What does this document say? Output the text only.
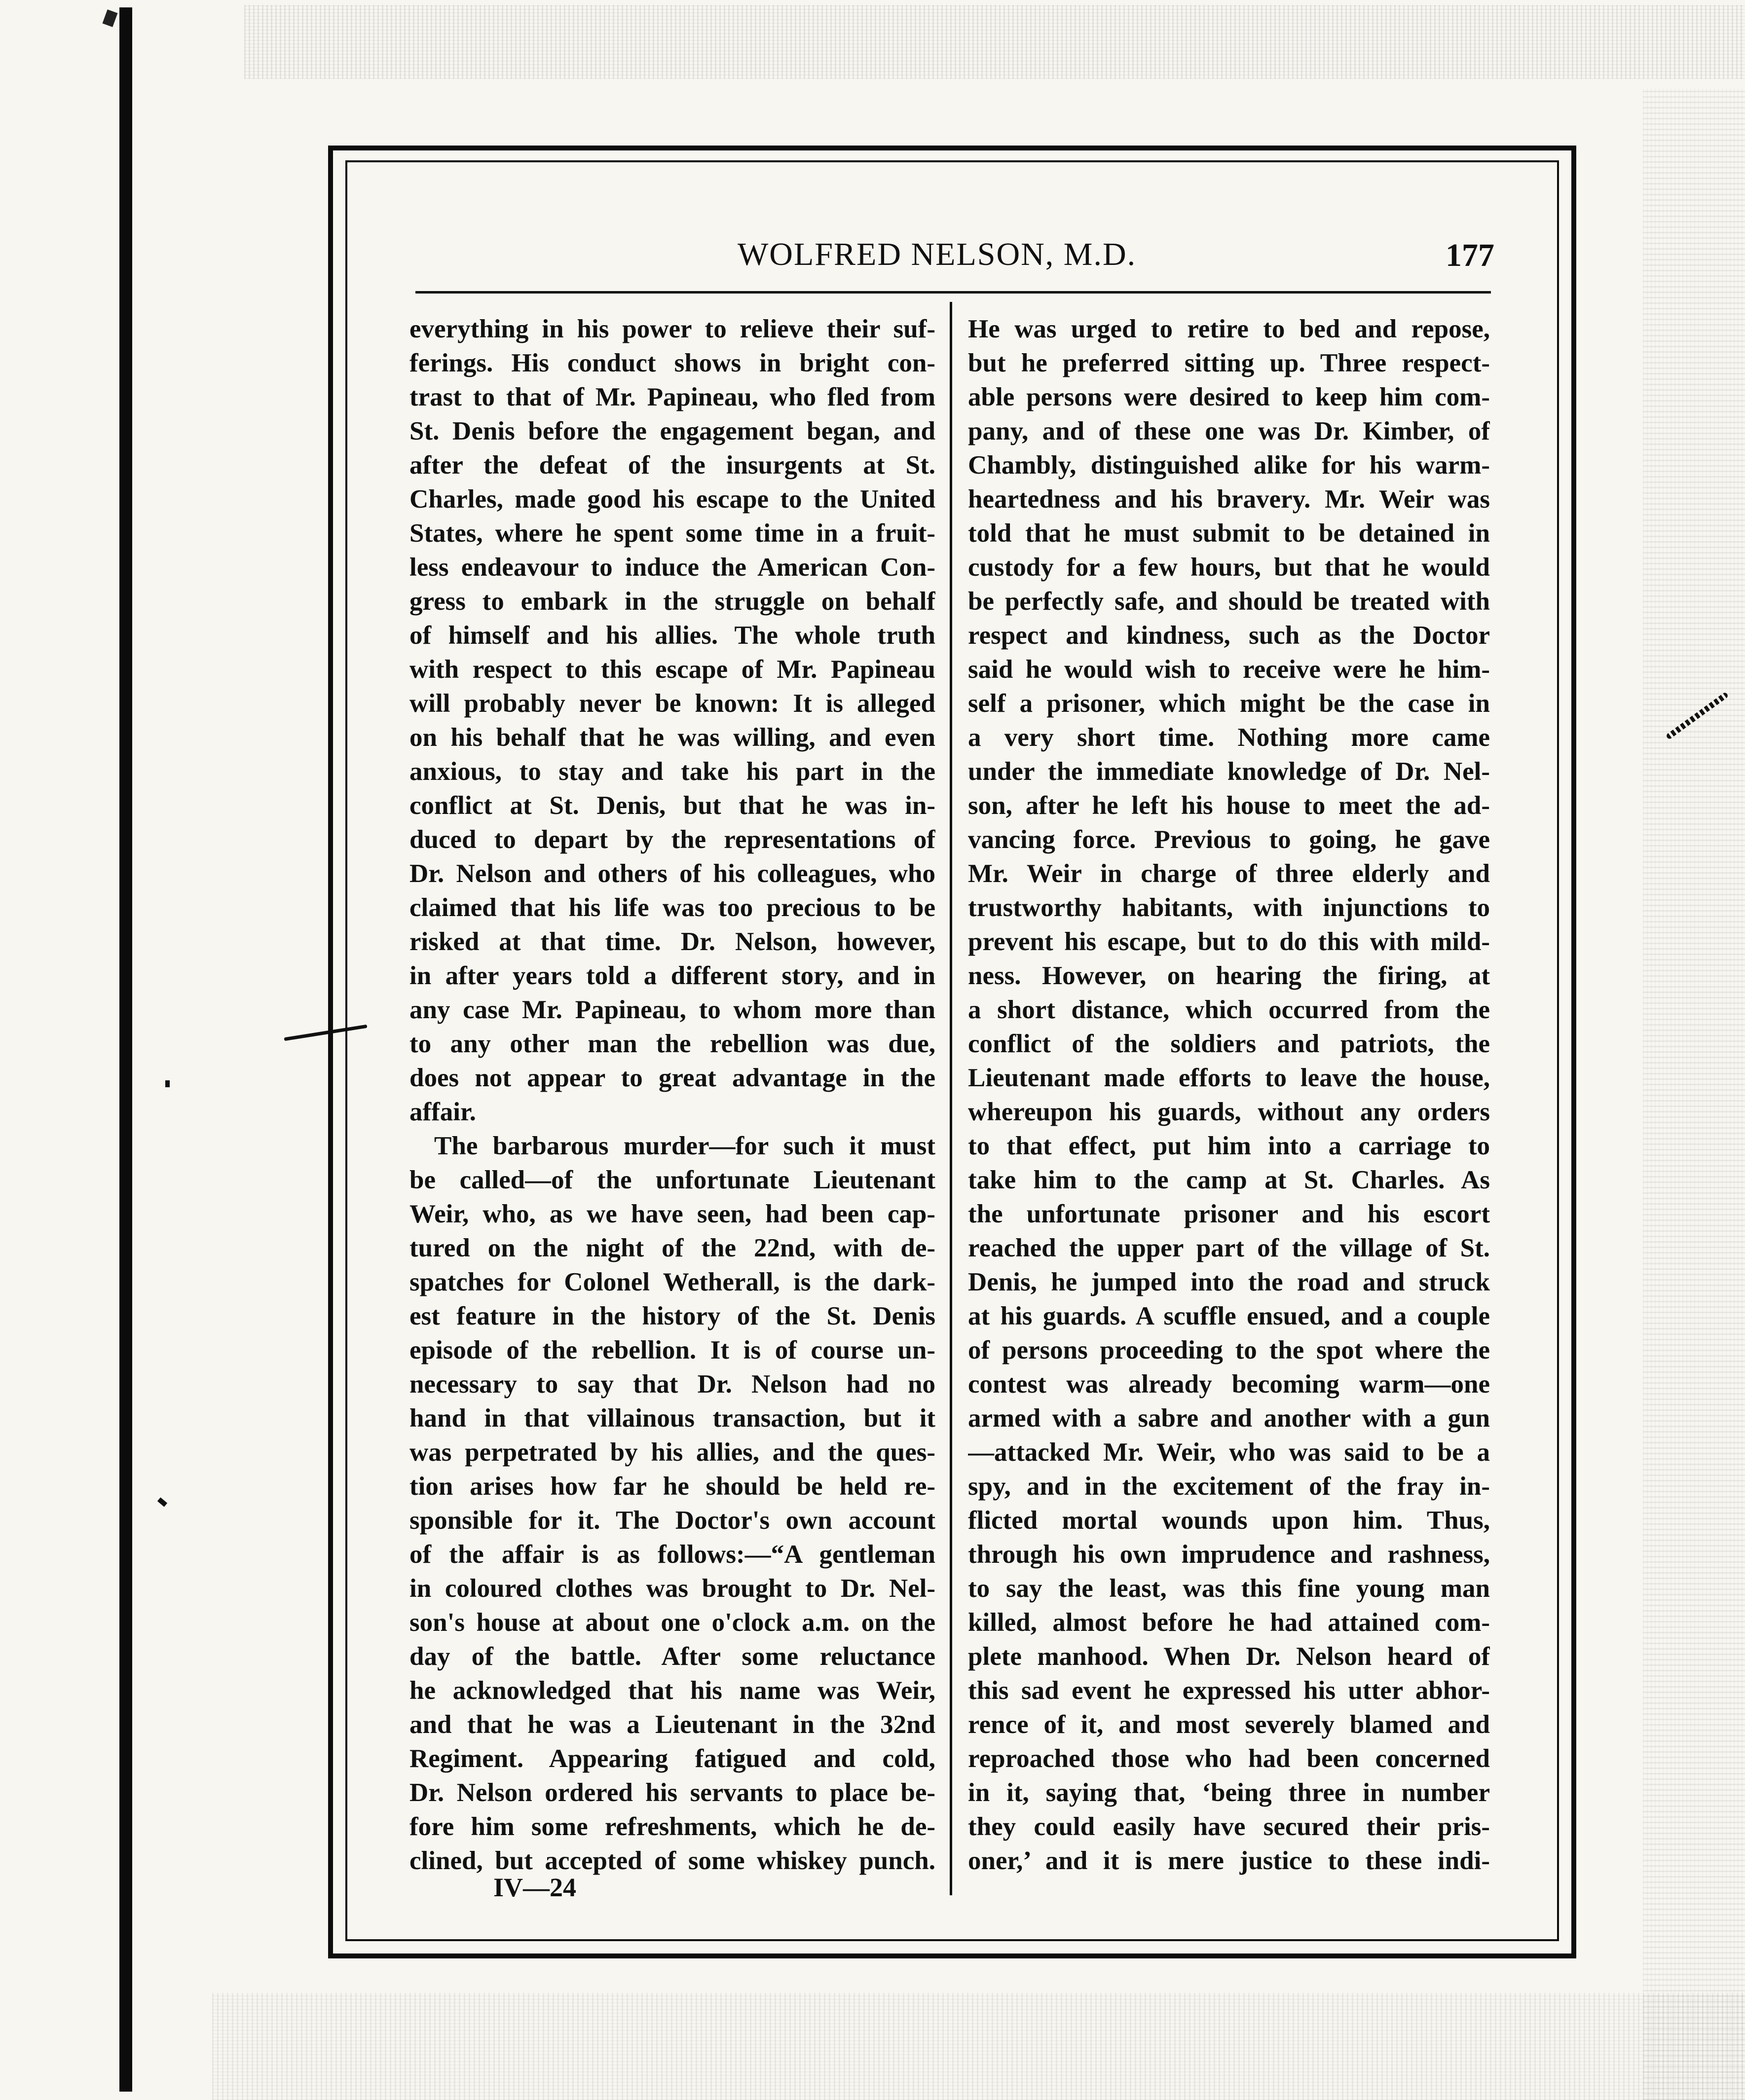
WOLFRED NELSON, M.D.	177
everything in his power to relieve their suf-
ferings. His conduct shows in bright con-
trast to that of Mr. Papineau, who fled from
St. Denis before the engagement began, and
after the defeat of the insurgents at St.
Charles, made good his escape to the United
States, where he spent some time in a fruit-
less endeavour to induce the American Con-
gress to embark in the struggle on behalf
of himself and his allies. The whole truth
with respect to this escape of Mr. Papineau
will probably never be known: It is alleged
on his behalf that he was willing, and even
anxious, to stay and take his part in the
conflict at St. Denis, but that he was in-
duced to depart by the representations of
Dr. Nelson and others of his colleagues, who
claimed that his life was too precious to be
risked at that time. Dr. Nelson, however,
in after years told a different story, and in
any case Mr. Papineau, to whom more than
to any other man the rebellion was due,
does not appear to great advantage in the
affair.
The barbarous murder—for such it must
be called—of the unfortunate Lieutenant
Weir, who, as we have seen, had been cap-
tured on the night of the 22nd, with de-
spatches for Colonel Wetherall, is the dark-
est feature in the history of the St. Denis
episode of the rebellion. It is of course un-
necessary to say that Dr. Nelson had no
hand in that villainous transaction, but it
was perpetrated by his allies, and the ques-
tion arises how far he should be held re-
sponsible for it. The Doctor's own account
of the affair is as follows:—“A gentleman
in coloured clothes was brought to Dr. Nel-
son's house at about one o'clock a.m. on the
day of the battle. After some reluctance
he acknowledged that his name was Weir,
and that he was a Lieutenant in the 32nd
Regiment. Appearing fatigued and cold,
Dr. Nelson ordered his servants to place be-
fore him some refreshments, which he de-
clined, but accepted of some whiskey punch.
He was urged to retire to bed and repose,
but he preferred sitting up. Three respect-
able persons were desired to keep him com-
pany, and of these one was Dr. Kimber, of
Chambly, distinguished alike for his warm-
heartedness and his bravery. Mr. Weir was
told that he must submit to be detained in
custody for a few hours, but that he would
be perfectly safe, and should be treated with
respect and kindness, such as the Doctor
said he would wish to receive were he him-
self a prisoner, which might be the case in
a very short time. Nothing more came
under the immediate knowledge of Dr. Nel-
son, after he left his house to meet the ad-
vancing force. Previous to going, he gave
Mr. Weir in charge of three elderly and
trustworthy habitants, with injunctions to
prevent his escape, but to do this with mild-
ness. However, on hearing the firing, at
a short distance, which occurred from the
conflict of the soldiers and patriots, the
Lieutenant made efforts to leave the house,
whereupon his guards, without any orders
to that effect, put him into a carriage to
take him to the camp at St. Charles. As
the unfortunate prisoner and his escort
reached the upper part of the village of St.
Denis, he jumped into the road and struck
at his guards. A scuffle ensued, and a couple
of persons proceeding to the spot where the
contest was already becoming warm—one
armed with a sabre and another with a gun
—attacked Mr. Weir, who was said to be a
spy, and in the excitement of the fray in-
flicted mortal wounds upon him. Thus,
through his own imprudence and rashness,
to say the least, was this fine young man
killed, almost before he had attained com-
plete manhood. When Dr. Nelson heard of
this sad event he expressed his utter abhor-
rence of it, and most severely blamed and
reproached those who had been concerned
in it, saying that, ‘being three in number
they could easily have secured their pris-
oner,’ and it is mere justice to these indi-
IV—24
